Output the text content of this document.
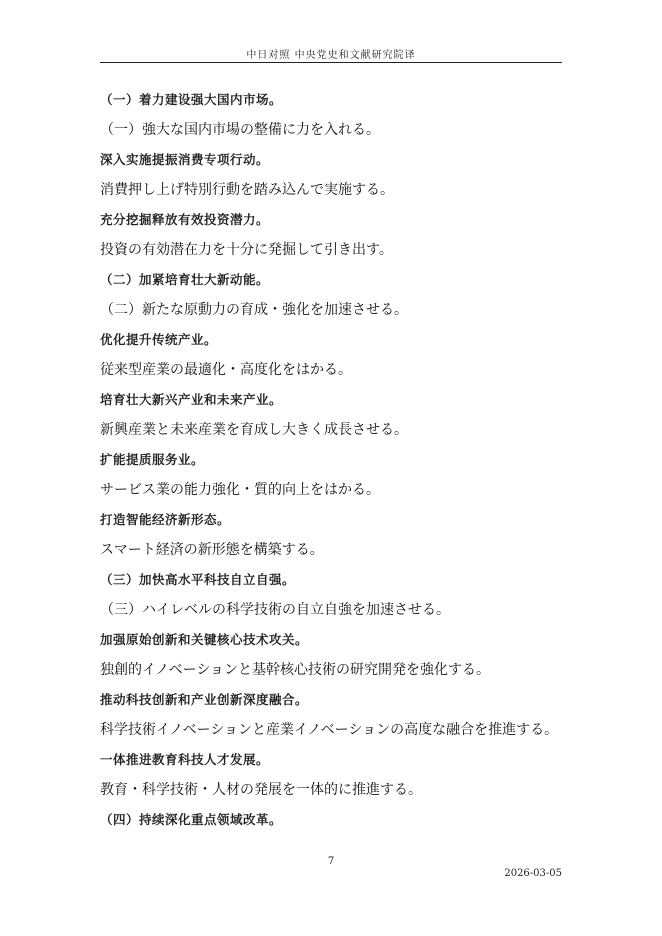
中日对照 中央党史和文献研究院译
（一）着力建设强大国内市场。
（一）強大な国内市場の整備に力を入れる。
深入实施提振消费专项行动。
消費押し上げ特別行動を踏み込んで実施する。
充分挖掘释放有效投资潜力。
投資の有効潜在力を十分に発掘して引き出す。
（二）加紧培育壮大新动能。
（二）新たな原動力の育成・強化を加速させる。
优化提升传统产业。
従来型産業の最適化・高度化をはかる。
培育壮大新兴产业和未来产业。
新興産業と未来産業を育成し大きく成長させる。
扩能提质服务业。
サービス業の能力強化・質的向上をはかる。
打造智能经济新形态。
スマート経済の新形態を構築する。
（三）加快高水平科技自立自强。
（三）ハイレベルの科学技術の自立自強を加速させる。
加强原始创新和关键核心技术攻关。
独創的イノベーションと基幹核心技術の研究開発を強化する。
推动科技创新和产业创新深度融合。
科学技術イノベーションと産業イノベーションの高度な融合を推進する。
一体推进教育科技人才发展。
教育・科学技術・人材の発展を一体的に推進する。
（四）持续深化重点领域改革。
7
2026-03-05
